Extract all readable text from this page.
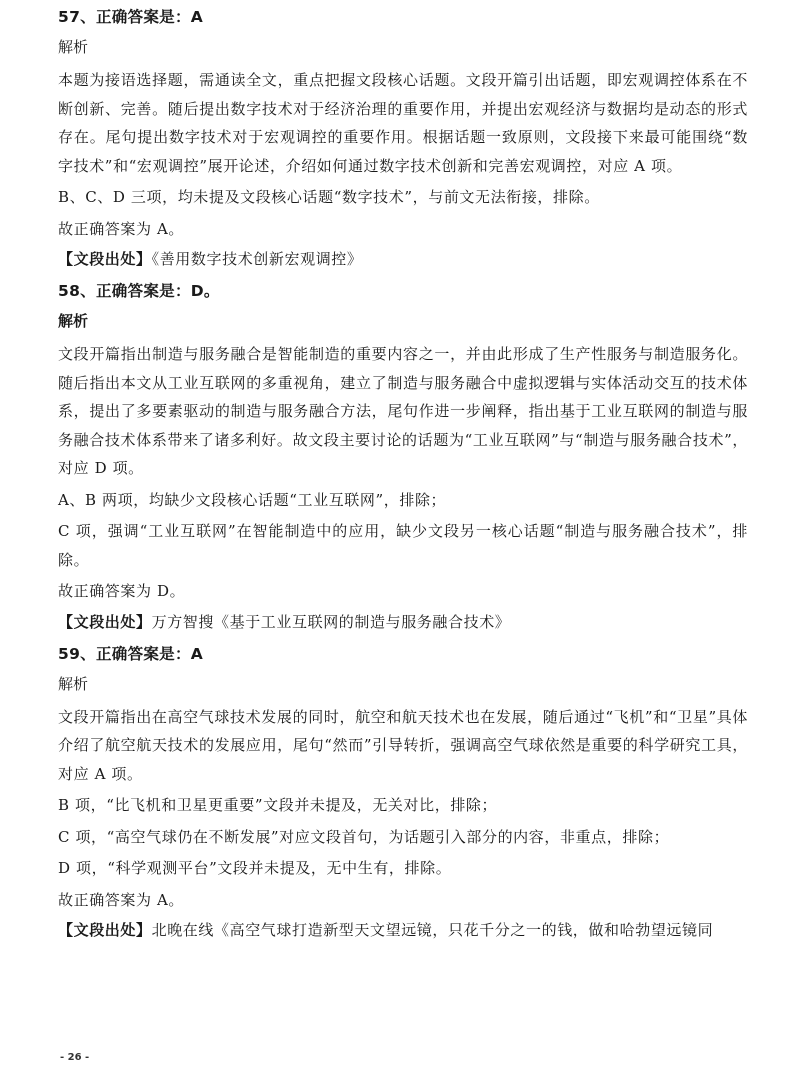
57、正确答案是：A
解析

本题为接语选择题，需通读全文，重点把握文段核心话题。文段开篇引出话题，即宏观调控体系在不断创新、完善。随后提出数字技术对于经济治理的重要作用，并提出宏观经济与数据均是动态的形式存在。尾句提出数字技术对于宏观调控的重要作用。根据话题一致原则，文段接下来最可能围绕“数字技术”和“宏观调控”展开论述，介绍如何通过数字技术创新和完善宏观调控，对应 A 项。

B、C、D 三项，均未提及文段核心话题“数字技术”，与前文无法衔接，排除。

故正确答案为 A。

【文段出处】《善用数字技术创新宏观调控》
58、正确答案是：D。
解析

文段开篇指出制造与服务融合是智能制造的重要内容之一，并由此形成了生产性服务与制造服务化。随后指出本文从工业互联网的多重视角，建立了制造与服务融合中虚拟逻辑与实体活动交互的技术体系，提出了多要素驱动的制造与服务融合方法，尾句作进一步阐释，指出基于工业互联网的制造与服务融合技术体系带来了诸多利好。故文段主要讨论的话题为“工业互联网”与“制造与服务融合技术”，对应 D 项。

A、B 两项，均缺少文段核心话题“工业互联网”，排除；

C 项，强调“工业互联网”在智能制造中的应用，缺少文段另一核心话题“制造与服务融合技术”，排除。

故正确答案为 D。

【文段出处】万方智搜《基于工业互联网的制造与服务融合技术》
59、正确答案是：A
解析

文段开篇指出在高空气球技术发展的同时，航空和航天技术也在发展，随后通过“飞机”和“卫星”具体介绍了航空航天技术的发展应用，尾句“然而”引导转折，强调高空气球依然是重要的科学研究工具，对应 A 项。

B 项，“比飞机和卫星更重要”文段并未提及，无关对比，排除；

C 项，“高空气球仍在不断发展”对应文段首句，为话题引入部分的内容，非重点，排除；

D 项，“科学观测平台”文段并未提及，无中生有，排除。

故正确答案为 A。

【文段出处】北晚在线《高空气球打造新型天文望远镜，只花千分之一的钱，做和哈勃望远镜同
- 26 -
